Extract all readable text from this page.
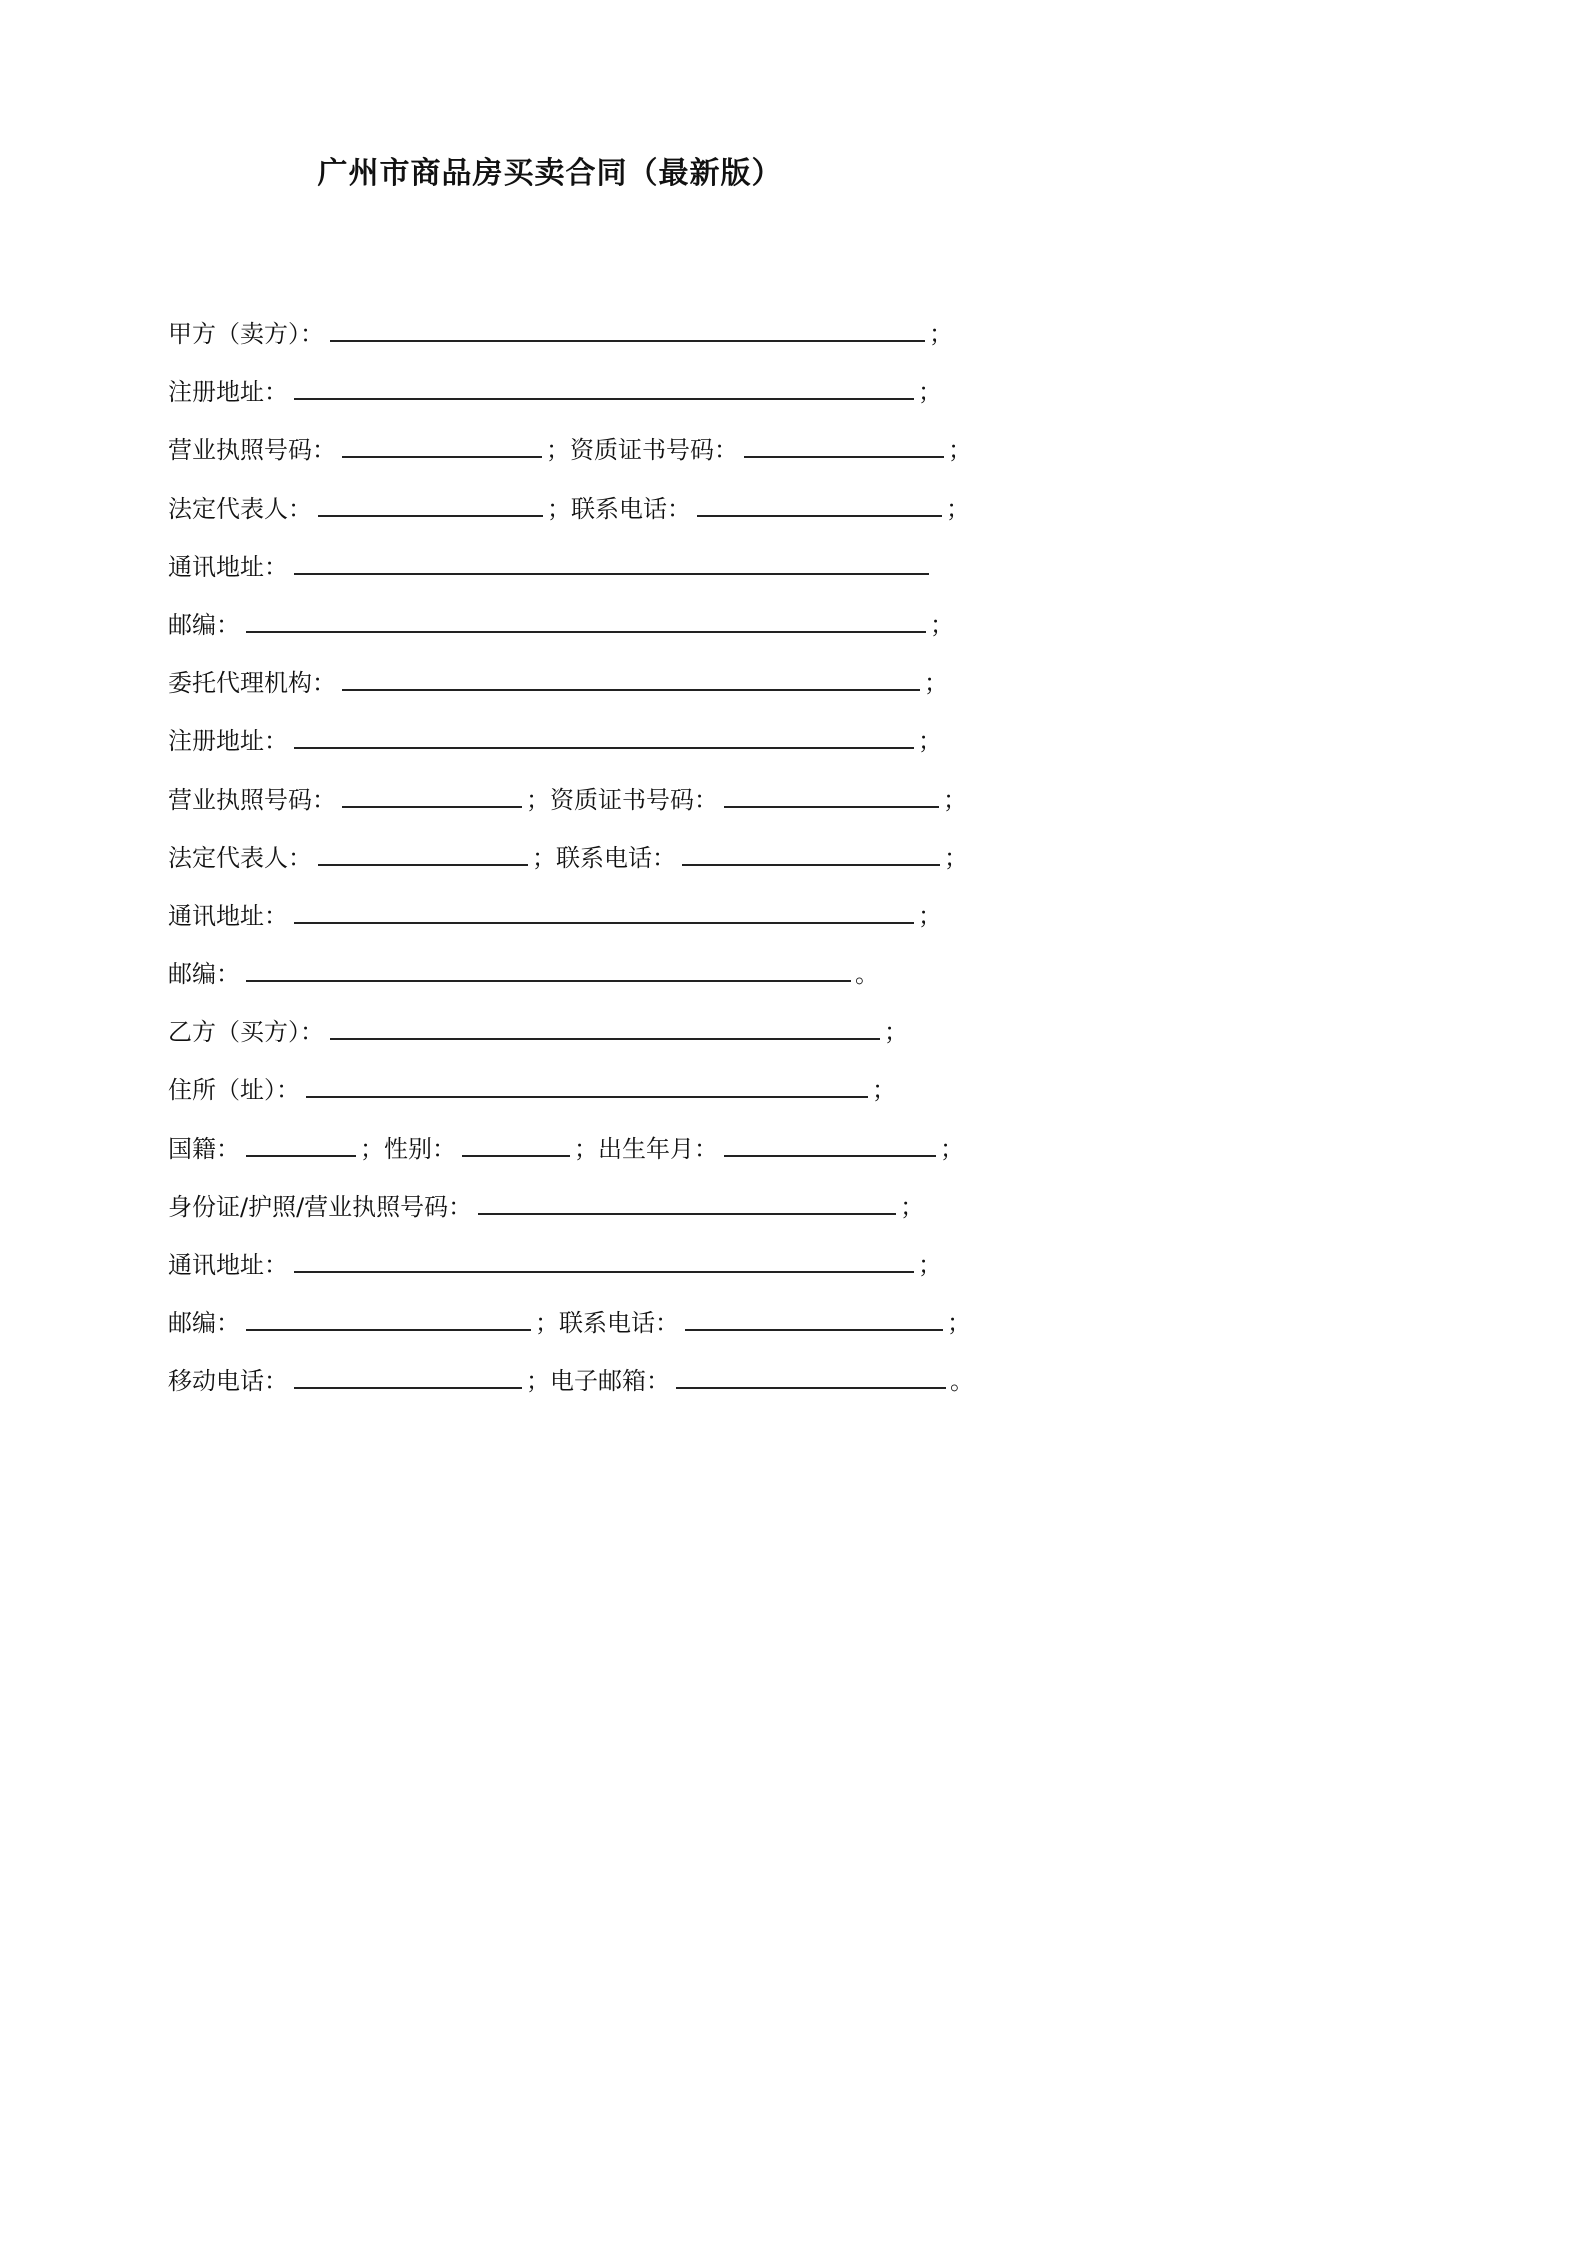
广州市商品房买卖合同（最新版）
甲方（卖方）：	；
注册地址：	；
营业执照号码：	；资质证书号码：	；
法定代表人：	；联系电话：	；
通讯地址：
邮编：	；
委托代理机构：	；
注册地址：	；
营业执照号码：	；资质证书号码：	；
法定代表人：	；联系电话：	；
通讯地址：	；
邮编：	。
乙方（买方）：	；
住所（址）：	；
国籍：	；性别：	；出生年月：	；
身份证/护照/营业执照号码：	；
通讯地址：	；
邮编：	；联系电话：	；
移动电话：	；电子邮箱：	。
